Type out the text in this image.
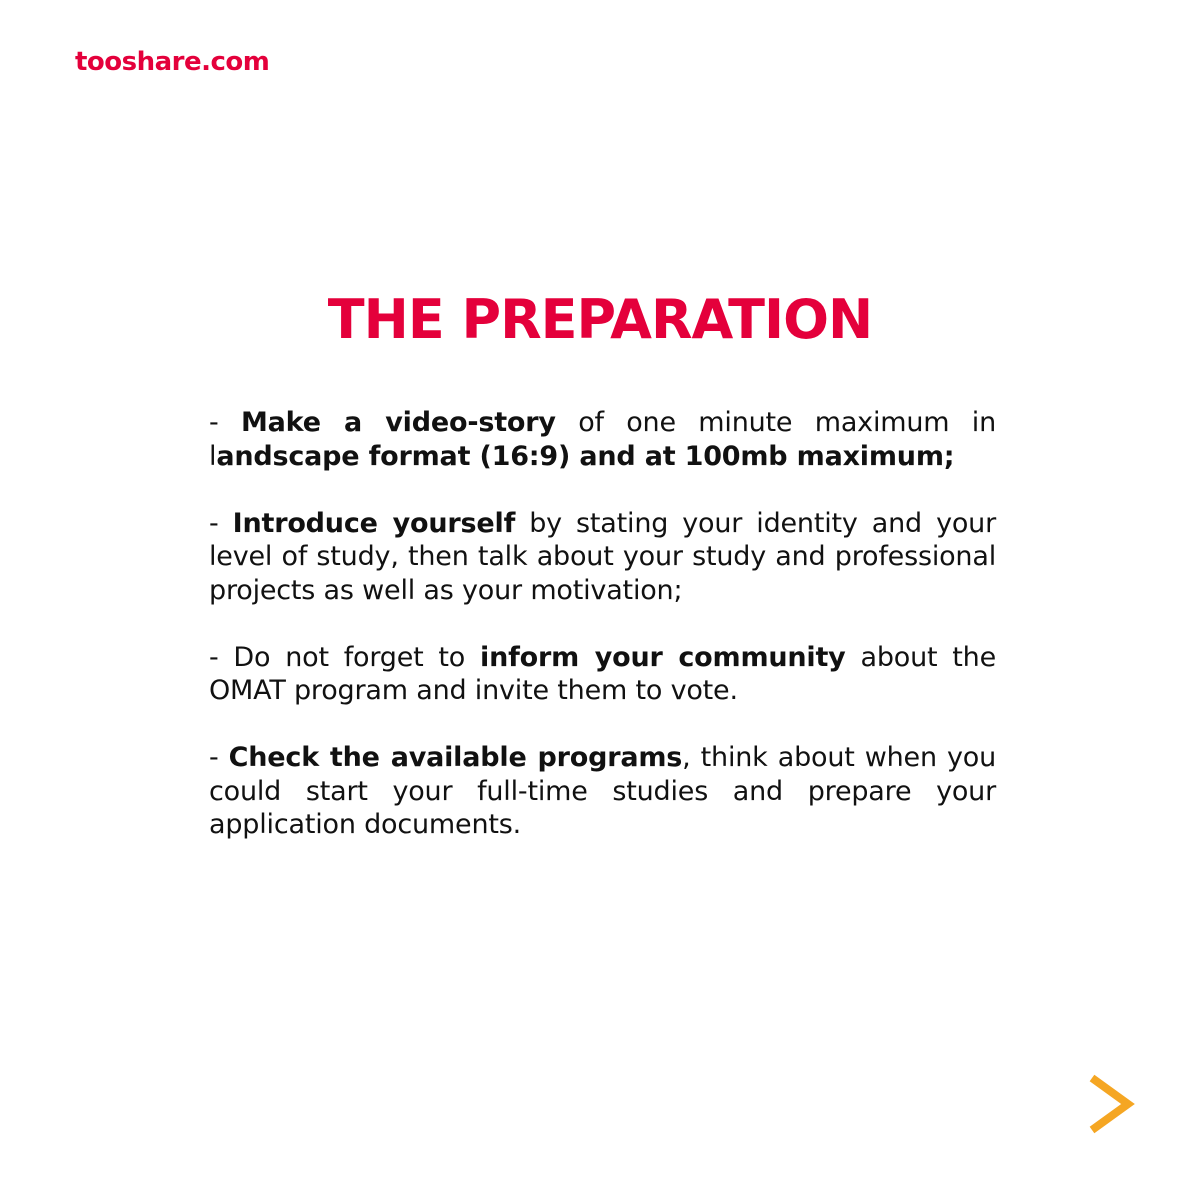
tooshare.com
THE PREPARATION

- Make a video-story of one minute maximum in landscape format (16:9) and at 100mb maximum;

- Introduce yourself by stating your identity and your level of study, then talk about your study and professional projects as well as your motivation;

- Do not forget to inform your community about the OMAT program and invite them to vote.

- Check the available programs, think about when you could start your full-time studies and prepare your application documents.
